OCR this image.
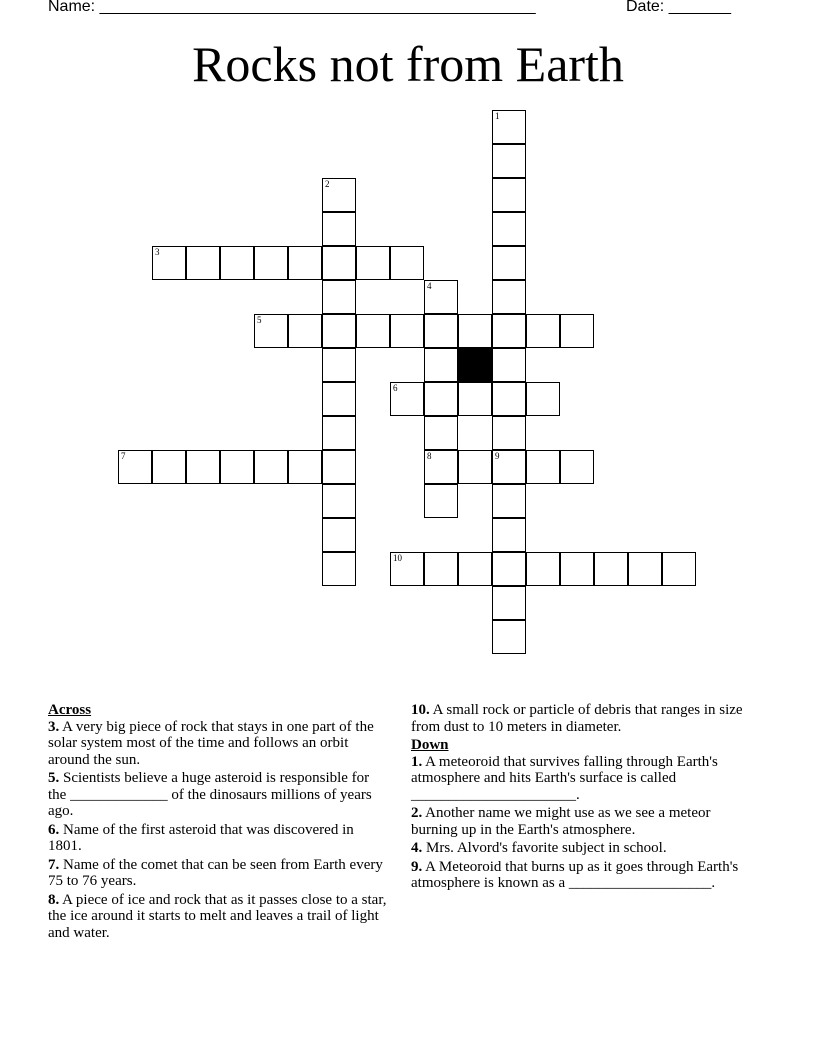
Name: _________________________________________________	Date: _______
Rocks not from Earth
1
9
2
3
4
8
5
6
7
10

Across

3. A very big piece of rock that stays in one part of the solar system most of the time and follows an orbit around the sun.

5. Scientists believe a huge asteroid is responsible for the _____________ of the dinosaurs millions of years ago.

6. Name of the first asteroid that was discovered in 1801.

7. Name of the comet that can be seen from Earth every 75 to 76 years.

8. A piece of ice and rock that as it passes close to a star, the ice around it starts to melt and leaves a trail of light and water.

10. A small rock or particle of debris that ranges in size from dust to 10 meters in diameter.

Down

1. A meteoroid that survives falling through Earth's atmosphere and hits Earth's surface is called ______________________.

2. Another name we might use as we see a meteor burning up in the Earth's atmosphere.

4. Mrs. Alvord's favorite subject in school.

9. A Meteoroid that burns up as it goes through Earth's atmosphere is known as a ___________________.
